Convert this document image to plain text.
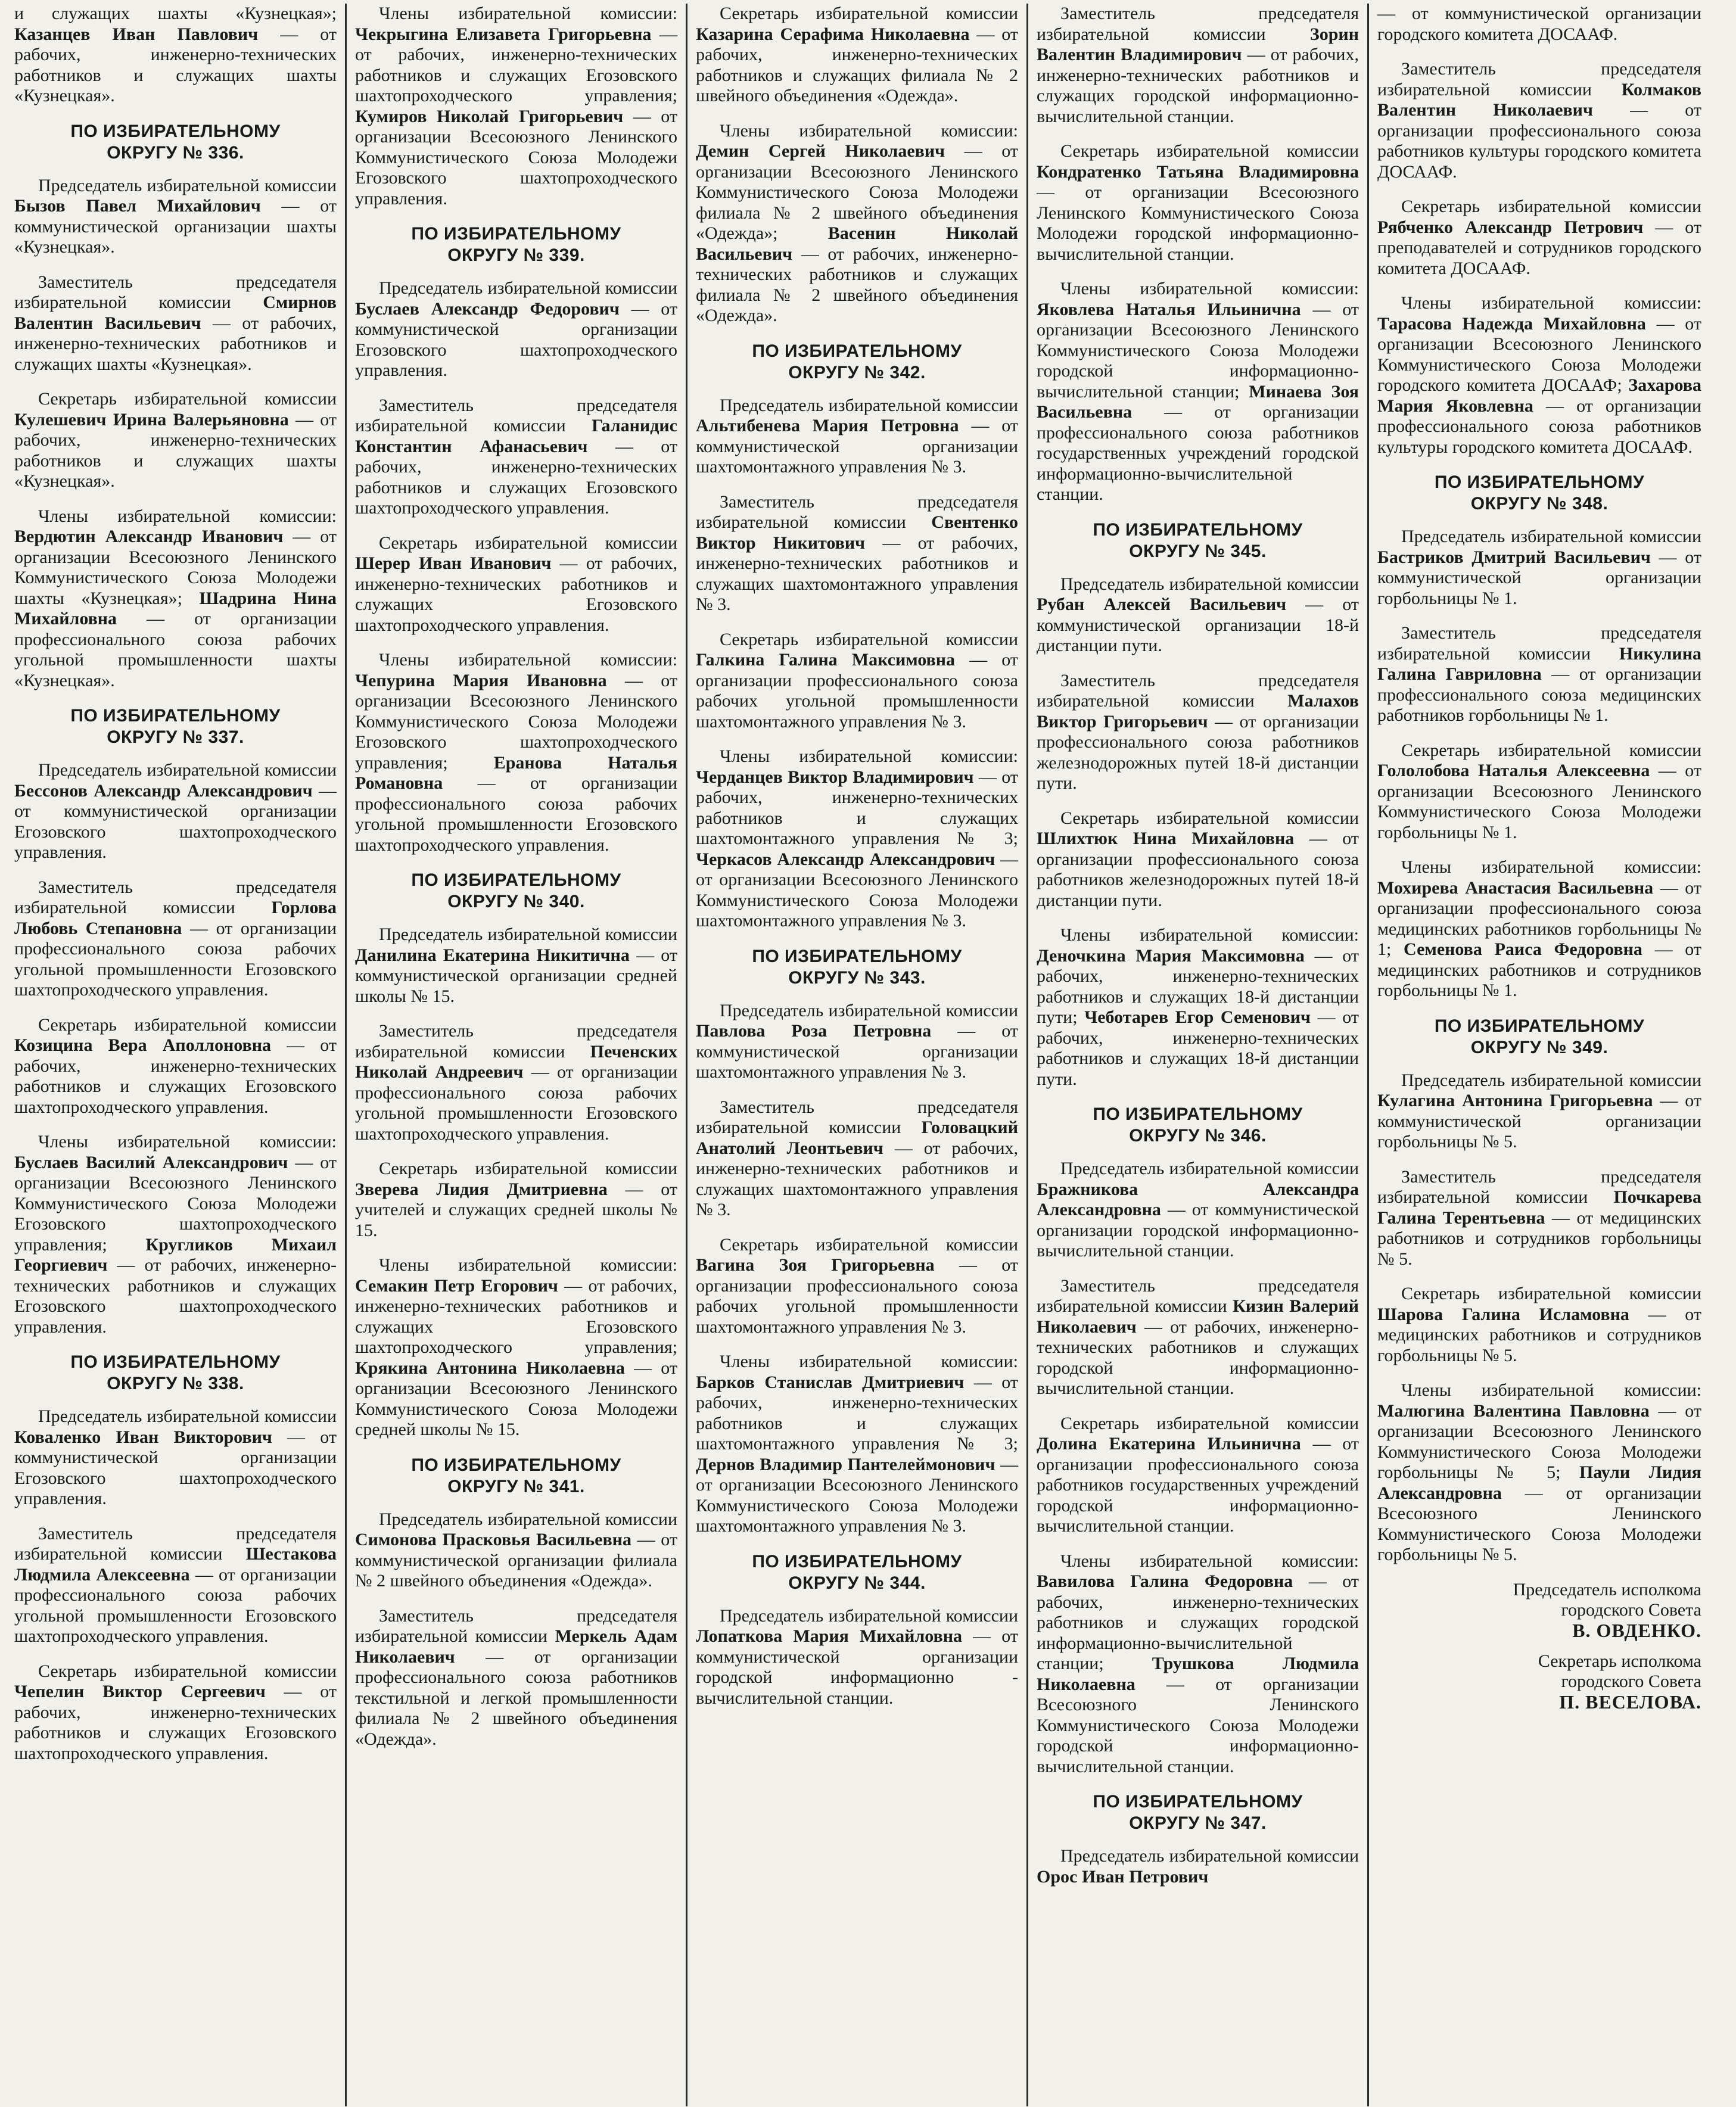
и служащих шахты «Кузнецкая»; Казанцев Иван Павлович — от рабочих, инженерно-технических работников и служащих шахты «Кузнецкая».

ПО ИЗБИРАТЕЛЬНОМУ
ОКРУГУ № 336.

Председатель избирательной комиссии Бызов Павел Михайлович — от коммунистической организации шахты «Кузнецкая».

Заместитель председателя избирательной комиссии Смирнов Валентин Васильевич — от рабочих, инженерно-технических работников и служащих шахты «Кузнецкая».

Секретарь избирательной комиссии Кулешевич Ирина Валерьяновна — от рабочих, инженерно-технических работников и служащих шахты «Кузнецкая».

Члены избирательной комиссии: Вердютин Александр Иванович — от организации Всесоюзного Ленинского Коммунистического Союза Молодежи шахты «Кузнецкая»; Шадрина Нина Михайловна — от организации профессионального союза рабочих угольной промышленности шахты «Кузнецкая».

ПО ИЗБИРАТЕЛЬНОМУ
ОКРУГУ № 337.

Председатель избирательной комиссии Бессонов Александр Александрович — от коммунистической организации Егозовского шахтопроходческого управления.

Заместитель председателя избирательной комиссии Горлова Любовь Степановна — от организации профессионального союза рабочих угольной промышленности Егозовского шахтопроходческого управления.

Секретарь избирательной комиссии Козицина Вера Аполлоновна — от рабочих, инженерно-технических работников и служащих Егозовского шахтопроходческого управления.

Члены избирательной комиссии: Буслаев Василий Александрович — от организации Всесоюзного Ленинского Коммунистического Союза Молодежи Егозовского шахтопроходческого управления; Кругликов Михаил Георгиевич — от рабочих, инженерно-технических работников и служащих Егозовского шахтопроходческого управления.

ПО ИЗБИРАТЕЛЬНОМУ
ОКРУГУ № 338.

Председатель избирательной комиссии Коваленко Иван Викторович — от коммунистической организации Егозовского шахтопроходческого управления.

Заместитель председателя избирательной комиссии Шестакова Людмила Алексеевна — от организации профессионального союза рабочих угольной промышленности Егозовского шахтопроходческого управления.

Секретарь избирательной комиссии Чепелин Виктор Сергеевич — от рабочих, инженерно-технических работников и служащих Егозовского шахтопроходческого управления.

Члены избирательной комиссии: Чекрыгина Елизавета Григорьевна — от рабочих, инженерно-технических работников и служащих Егозовского шахтопроходческого управления; Кумиров Николай Григорьевич — от организации Всесоюзного Ленинского Коммунистического Союза Молодежи Егозовского шахтопроходческого управления.

ПО ИЗБИРАТЕЛЬНОМУ
ОКРУГУ № 339.

Председатель избирательной комиссии Буслаев Александр Федорович — от коммунистической организации Егозовского шахтопроходческого управления.

Заместитель председателя избирательной комиссии Галанидис Константин Афанасьевич — от рабочих, инженерно-технических работников и служащих Егозовского шахтопроходческого управления.

Секретарь избирательной комиссии Шерер Иван Иванович — от рабочих, инженерно-технических работников и служащих Егозовского шахтопроходческого управления.

Члены избирательной комиссии: Чепурина Мария Ивановна — от организации Всесоюзного Ленинского Коммунистического Союза Молодежи Егозовского шахтопроходческого управления; Еранова Наталья Романовна — от организации профессионального союза рабочих угольной промышленности Егозовского шахтопроходческого управления.

ПО ИЗБИРАТЕЛЬНОМУ
ОКРУГУ № 340.

Председатель избирательной комиссии Данилина Екатерина Никитична — от коммунистической организации средней школы № 15.

Заместитель председателя избирательной комиссии Печенских Николай Андреевич — от организации профессионального союза рабочих угольной промышленности Егозовского шахтопроходческого управления.

Секретарь избирательной комиссии Зверева Лидия Дмитриевна — от учителей и служащих средней школы № 15.

Члены избирательной комиссии: Семакин Петр Егорович — от рабочих, инженерно-технических работников и служащих Егозовского шахтопроходческого управления; Крякина Антонина Николаевна — от организации Всесоюзного Ленинского Коммунистического Союза Молодежи средней школы № 15.

ПО ИЗБИРАТЕЛЬНОМУ
ОКРУГУ № 341.

Председатель избирательной комиссии Симонова Прасковья Васильевна — от коммунистической организации филиала № 2 швейного объединения «Одежда».

Заместитель председателя избирательной комиссии Меркель Адам Николаевич — от организации профессионального союза работников текстильной и легкой промышленности филиала № 2 швейного объединения «Одежда».

Секретарь избирательной комиссии Казарина Серафима Николаевна — от рабочих, инженерно-технических работников и служащих филиала № 2 швейного объединения «Одежда».

Члены избирательной комиссии: Демин Сергей Николаевич — от организации Всесоюзного Ленинского Коммунистического Союза Молодежи филиала № 2 швейного объединения «Одежда»; Васенин Николай Васильевич — от рабочих, инженерно-технических работников и служащих филиала № 2 швейного объединения «Одежда».

ПО ИЗБИРАТЕЛЬНОМУ
ОКРУГУ № 342.

Председатель избирательной комиссии Альтибенева Мария Петровна — от коммунистической организации шахтомонтажного управления № 3.

Заместитель председателя избирательной комиссии Свентенко Виктор Никитович — от рабочих, инженерно-технических работников и служащих шахтомонтажного управления № 3.

Секретарь избирательной комиссии Галкина Галина Максимовна — от организации профессионального союза рабочих угольной промышленности шахтомонтажного управления № 3.

Члены избирательной комиссии: Черданцев Виктор Владимирович — от рабочих, инженерно-технических работников и служащих шахтомонтажного управления № 3; Черкасов Александр Александрович — от организации Всесоюзного Ленинского Коммунистического Союза Молодежи шахтомонтажного управления № 3.

ПО ИЗБИРАТЕЛЬНОМУ
ОКРУГУ № 343.

Председатель избирательной комиссии Павлова Роза Петровна — от коммунистической организации шахтомонтажного управления № 3.

Заместитель председателя избирательной комиссии Головацкий Анатолий Леонтьевич — от рабочих, инженерно-технических работников и служащих шахтомонтажного управления № 3.

Секретарь избирательной комиссии Вагина Зоя Григорьевна — от организации профессионального союза рабочих угольной промышленности шахтомонтажного управления № 3.

Члены избирательной комиссии: Барков Станислав Дмитриевич — от рабочих, инженерно-технических работников и служащих шахтомонтажного управления № 3; Дернов Владимир Пантелеймонович — от организации Всесоюзного Ленинского Коммунистического Союза Молодежи шахтомонтажного управления № 3.

ПО ИЗБИРАТЕЛЬНОМУ
ОКРУГУ № 344.

Председатель избирательной комиссии Лопаткова Мария Михайловна — от коммунистической организации городской информационно - вычислительной станции.

Заместитель председателя избирательной комиссии Зорин Валентин Владимирович — от рабочих, инженерно-технических работников и служащих городской информационно-вычислительной станции.

Секретарь избирательной комиссии Кондратенко Татьяна Владимировна — от организации Всесоюзного Ленинского Коммунистического Союза Молодежи городской информационно-вычислительной станции.

Члены избирательной комиссии: Яковлева Наталья Ильинична — от организации Всесоюзного Ленинского Коммунистического Союза Молодежи городской информационно-вычислительной станции; Минаева Зоя Васильевна — от организации профессионального союза работников государственных учреждений городской информационно-вычислительной станции.

ПО ИЗБИРАТЕЛЬНОМУ
ОКРУГУ № 345.

Председатель избирательной комиссии Рубан Алексей Васильевич — от коммунистической организации 18-й дистанции пути.

Заместитель председателя избирательной комиссии Малахов Виктор Григорьевич — от организации профессионального союза работников железнодорожных путей 18-й дистанции пути.

Секретарь избирательной комиссии Шлихтюк Нина Михайловна — от организации профессионального союза работников железнодорожных путей 18-й дистанции пути.

Члены избирательной комиссии: Деночкина Мария Максимовна — от рабочих, инженерно-технических работников и служащих 18-й дистанции пути; Чеботарев Егор Семенович — от рабочих, инженерно-технических работников и служащих 18-й дистанции пути.

ПО ИЗБИРАТЕЛЬНОМУ
ОКРУГУ № 346.

Председатель избирательной комиссии Бражникова Александра Александровна — от коммунистической организации городской информационно-вычислительной станции.

Заместитель председателя избирательной комиссии Кизин Валерий Николаевич — от рабочих, инженерно-технических работников и служащих городской информационно-вычислительной станции.

Секретарь избирательной комиссии Долина Екатерина Ильинична — от организации профессионального союза работников государственных учреждений городской информационно-вычислительной станции.

Члены избирательной комиссии: Вавилова Галина Федоровна — от рабочих, инженерно-технических работников и служащих городской информационно-вычислительной станции; Трушкова Людмила Николаевна — от организации Всесоюзного Ленинского Коммунистического Союза Молодежи городской информационно-вычислительной станции.

ПО ИЗБИРАТЕЛЬНОМУ
ОКРУГУ № 347.

Председатель избирательной комиссии Орос Иван Петрович

— от коммунистической организации городского комитета ДОСААФ.

Заместитель председателя избирательной комиссии Колмаков Валентин Николаевич — от организации профессионального союза работников культуры городского комитета ДОСААФ.

Секретарь избирательной комиссии Рябченко Александр Петрович — от преподавателей и сотрудников городского комитета ДОСААФ.

Члены избирательной комиссии: Тарасова Надежда Михайловна — от организации Всесоюзного Ленинского Коммунистического Союза Молодежи городского комитета ДОСААФ; Захарова Мария Яковлевна — от организации профессионального союза работников культуры городского комитета ДОСААФ.

ПО ИЗБИРАТЕЛЬНОМУ
ОКРУГУ № 348.

Председатель избирательной комиссии Бастриков Дмитрий Васильевич — от коммунистической организации горбольницы № 1.

Заместитель председателя избирательной комиссии Никулина Галина Гавриловна — от организации профессионального союза медицинских работников горбольницы № 1.

Секретарь избирательной комиссии Гололобова Наталья Алексеевна — от организации Всесоюзного Ленинского Коммунистического Союза Молодежи горбольницы № 1.

Члены избирательной комиссии: Мохирева Анастасия Васильевна — от организации профессионального союза медицинских работников горбольницы № 1; Семенова Раиса Федоровна — от медицинских работников и сотрудников горбольницы № 1.

ПО ИЗБИРАТЕЛЬНОМУ
ОКРУГУ № 349.

Председатель избирательной комиссии Кулагина Антонина Григорьевна — от коммунистической организации горбольницы № 5.

Заместитель председателя избирательной комиссии Почкарева Галина Терентьевна — от медицинских работников и сотрудников горбольницы № 5.

Секретарь избирательной комиссии Шарова Галина Исламовна — от медицинских работников и сотрудников горбольницы № 5.

Члены избирательной комиссии: Малюгина Валентина Павловна — от организации Всесоюзного Ленинского Коммунистического Союза Молодежи горбольницы № 5; Паули Лидия Александровна — от организации Всесоюзного Ленинского Коммунистического Союза Молодежи горбольницы № 5.

Председатель исполкома
городского Совета
В. ОВДЕНКО.
Секретарь исполкома
городского Совета
П. ВЕСЕЛОВА.
